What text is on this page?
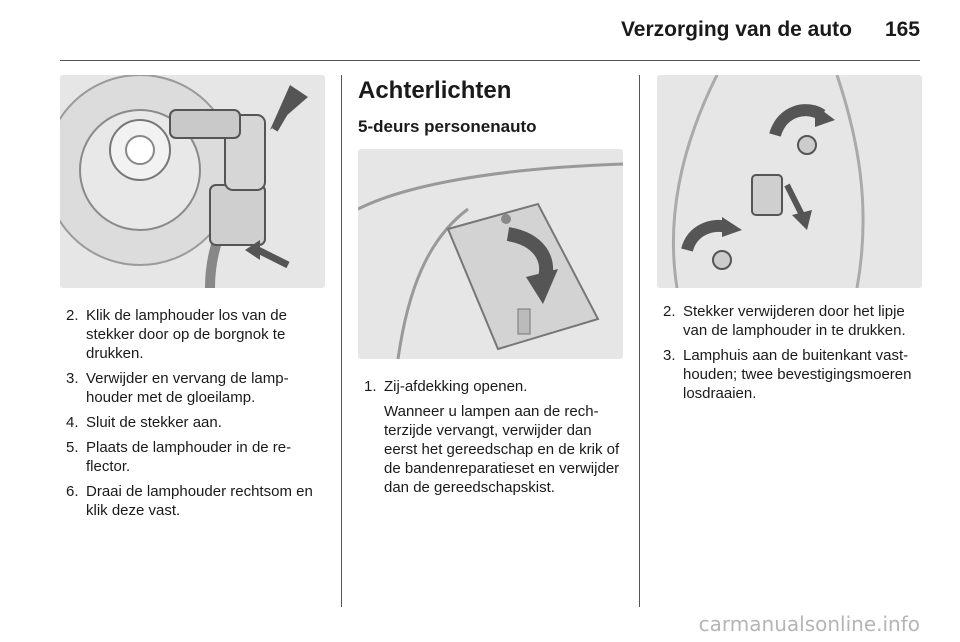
Verzorging van de auto 165
2. Klik de lamphouder los van de stekker door op de borgnok te drukken.
3. Verwijder en vervang de lamphouder met de gloeilamp.
4. Sluit de stekker aan.
5. Plaats de lamphouder in de reflector.
6. Draai de lamphouder rechtsom en klik deze vast.
Achterlichten
5-deurs personenauto
1. Zij-afdekking openen.

Wanneer u lampen aan de rechterzijde vervangt, verwijder dan eerst het gereedschap en de krik of de bandenreparatieset en verwijder dan de gereedschapskist.

2. Stekker verwijderen door het lipje van de lamphouder in te drukken.
3. Lamphuis aan de buitenkant vasthouden; twee bevestigingsmoeren losdraaien.
carmanualsonline.info
